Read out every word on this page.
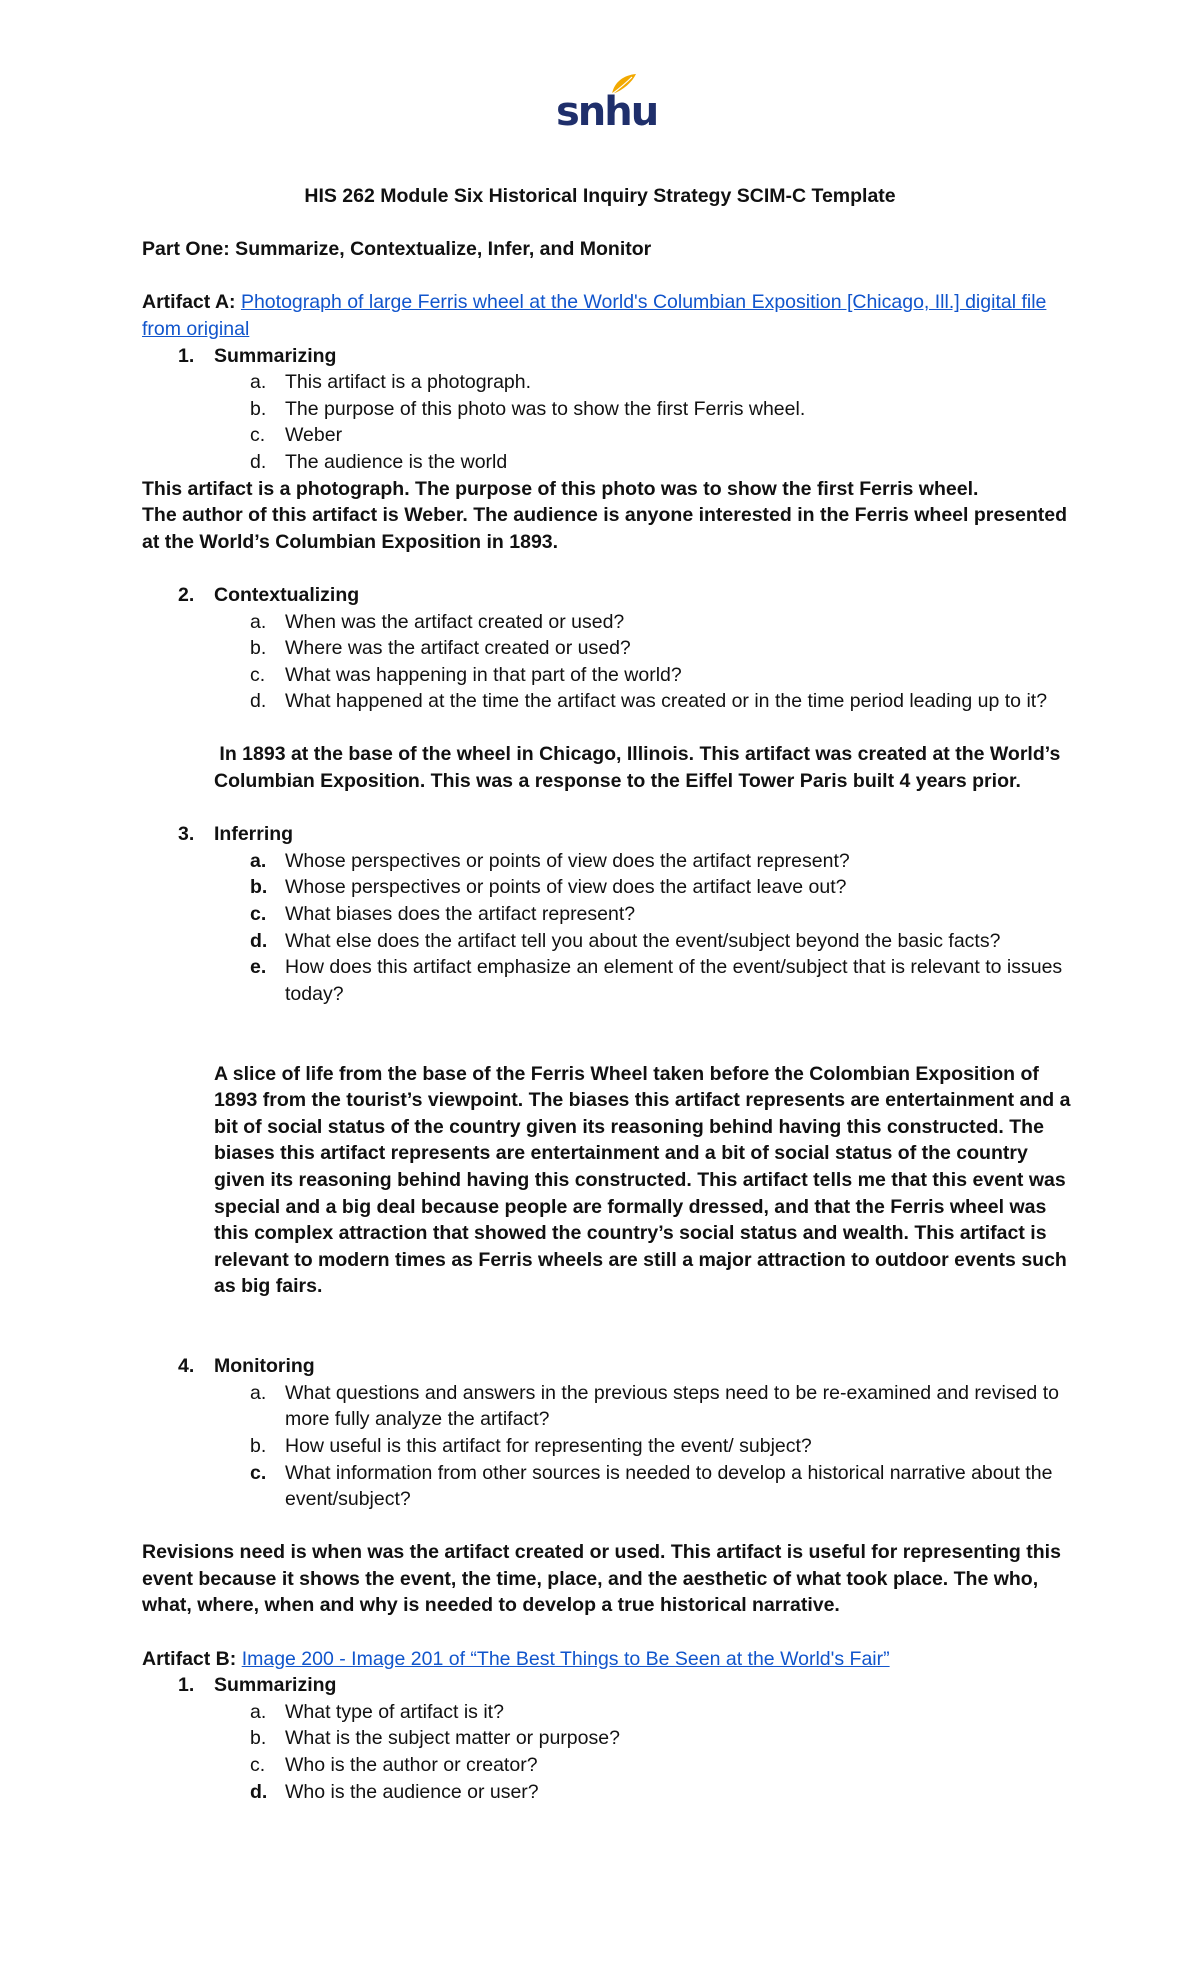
snhu
HIS 262 Module Six Historical Inquiry Strategy SCIM-C Template
Part One: Summarize, Contextualize, Infer, and Monitor
Artifact A: Photograph of large Ferris wheel at the World's Columbian Exposition [Chicago, Ill.] digital file
from original
1. Summarizing
a. This artifact is a photograph.
b. The purpose of this photo was to show the first Ferris wheel.
c. Weber
d. The audience is the world
This artifact is a photograph. The purpose of this photo was to show the first Ferris wheel.
The author of this artifact is Weber. The audience is anyone interested in the Ferris wheel presented
at the World’s Columbian Exposition in 1893.
2. Contextualizing
a. When was the artifact created or used?
b. Where was the artifact created or used?
c. What was happening in that part of the world?
d. What happened at the time the artifact was created or in the time period leading up to it?
In 1893 at the base of the wheel in Chicago, Illinois. This artifact was created at the World’s Columbian Exposition. This was a response to the Eiffel Tower Paris built 4 years prior.
3. Inferring
a. Whose perspectives or points of view does the artifact represent?
b. Whose perspectives or points of view does the artifact leave out?
c. What biases does the artifact represent?
d. What else does the artifact tell you about the event/subject beyond the basic facts?
e. How does this artifact emphasize an element of the event/subject that is relevant to issues today?
A slice of life from the base of the Ferris Wheel taken before the Colombian Exposition of 1893 from the tourist’s viewpoint. The biases this artifact represents are entertainment and a bit of social status of the country given its reasoning behind having this constructed. The biases this artifact represents are entertainment and a bit of social status of the country given its reasoning behind having this constructed. This artifact tells me that this event was special and a big deal because people are formally dressed, and that the Ferris wheel was this complex attraction that showed the country’s social status and wealth. This artifact is relevant to modern times as Ferris wheels are still a major attraction to outdoor events such as big fairs.
4. Monitoring
a. What questions and answers in the previous steps need to be re-examined and revised to more fully analyze the artifact?
b. How useful is this artifact for representing the event/ subject?
c. What information from other sources is needed to develop a historical narrative about the event/subject?
Revisions need is when was the artifact created or used. This artifact is useful for representing this event because it shows the event, the time, place, and the aesthetic of what took place. The who, what, where, when and why is needed to develop a true historical narrative.
Artifact B: Image 200 - Image 201 of “The Best Things to Be Seen at the World's Fair”
1. Summarizing
a. What type of artifact is it?
b. What is the subject matter or purpose?
c. Who is the author or creator?
d. Who is the audience or user?
